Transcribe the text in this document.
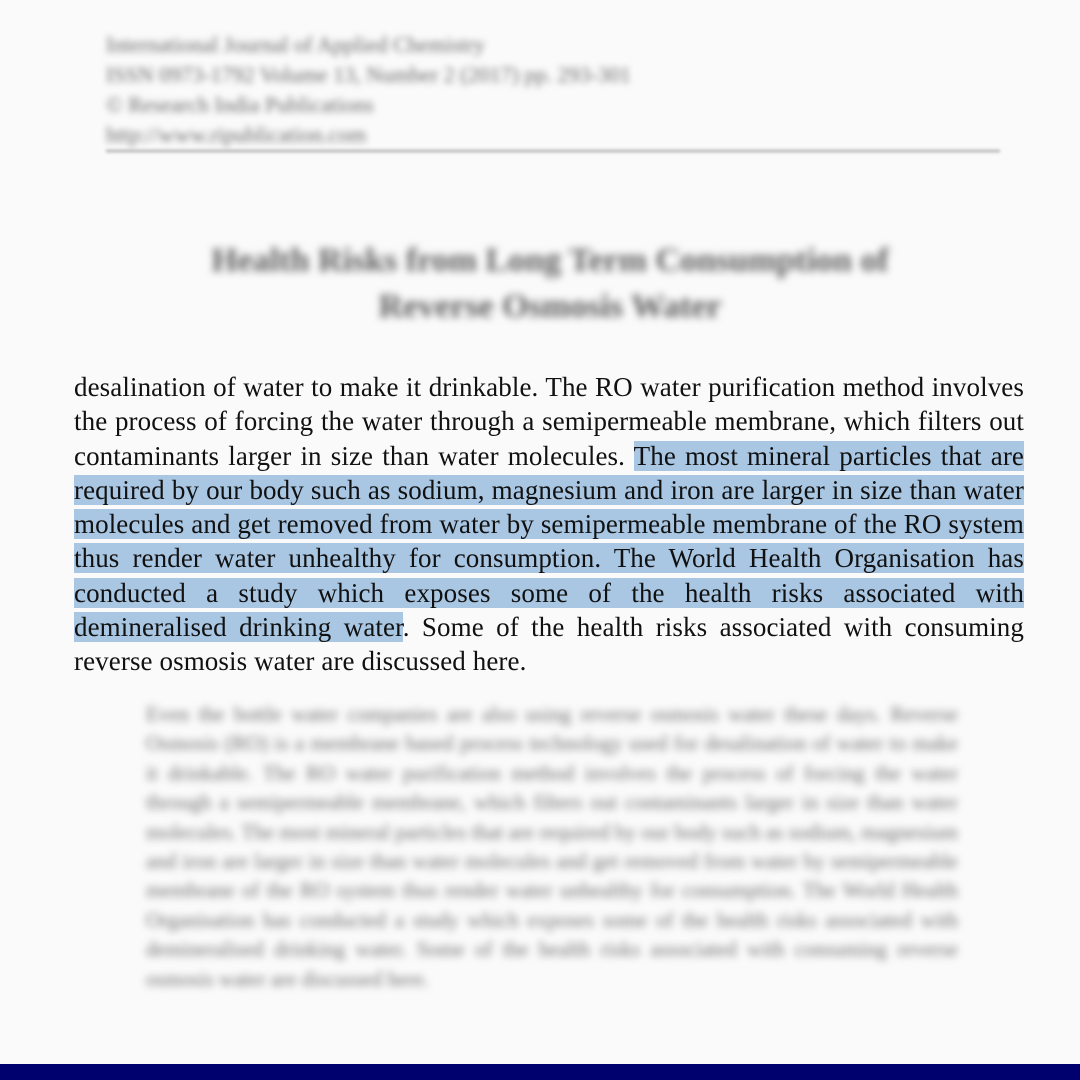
International Journal of Applied Chemistry
ISSN 0973-1792 Volume 13, Number 2 (2017) pp. 293-301
© Research India Publications
http://www.ripublication.com
Health Risks from Long Term Consumption of
Reverse Osmosis Water

Even the bottle water companies are also using reverse osmosis water these days. Reverse Osmosis (RO) is a membrane based process technology used for desalination of water to make it drinkable. The RO water purification method involves the process of forcing the water through a semipermeable membrane, which filters out contaminants larger in size than water molecules. The most mineral particles that are required by our body such as sodium, magnesium and iron are larger in size than water molecules and get removed from water by semipermeable membrane of the RO system thus render water unhealthy for consumption. The World Health Organisation has conducted a study which exposes some of the health risks associated with demineralised drinking water. Some of the health risks associated with consuming reverse osmosis water are discussed here.

desalination of water to make it drinkable. The RO water purification method involves the process of forcing the water through a semipermeable membrane, which filters out contaminants larger in size than water molecules. The most mineral particles that are required by our body such as sodium, magnesium and iron are larger in size than water molecules and get removed from water by semipermeable membrane of the RO system thus render water unhealthy for consumption. The World Health Organisation has conducted a study which exposes some of the health risks associated with demineralised drinking water. Some of the health risks associated with consuming reverse osmosis water are discussed here.
